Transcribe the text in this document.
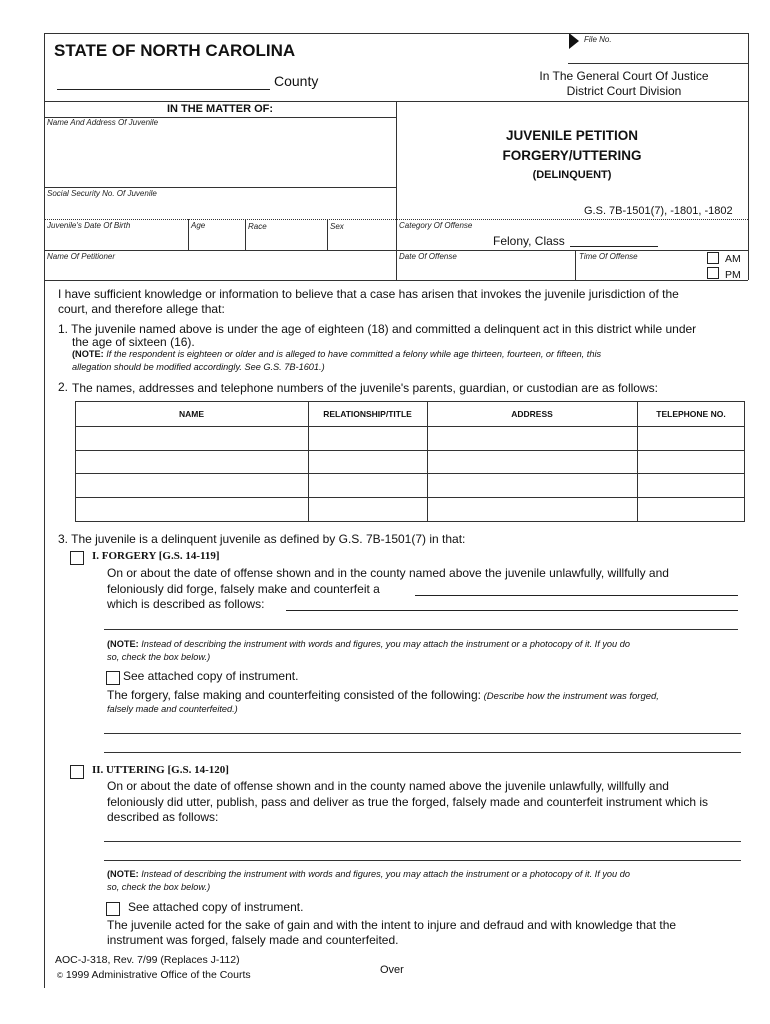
STATE OF NORTH CAROLINA
County
File No.
In The General Court Of Justice
District Court Division
IN THE MATTER OF:
Name And Address Of Juvenile
Social Security No. Of Juvenile
Juvenile's Date Of Birth	Age	Race	Sex
Name Of Petitioner
JUVENILE PETITION
FORGERY/UTTERING
(DELINQUENT)
G.S. 7B-1501(7), -1801, -1802
Category Of Offense
Felony, Class
Date Of Offense	Time Of Offense	AM
PM
I have sufficient knowledge or information to believe that a case has arisen that invokes the juvenile jurisdiction of the
court, and therefore allege that:
1. The juvenile named above is under the age of eighteen (18) and committed a delinquent act in this district while under
the age of sixteen (16).
(NOTE: If the respondent is eighteen or older and is alleged to have committed a felony while age thirteen, fourteen, or fifteen, this
allegation should be modified accordingly. See G.S. 7B-1601.)
2. The names, addresses and telephone numbers of the juvenile's parents, guardian, or custodian are as follows:
NAME	RELATIONSHIP/TITLE	ADDRESS	TELEPHONE NO.
3. The juvenile is a delinquent juvenile as defined by G.S. 7B-1501(7) in that:
I. FORGERY [G.S. 14-119]
On or about the date of offense shown and in the county named above the juvenile unlawfully, willfully and
feloniously did forge, falsely make and counterfeit a
which is described as follows:
(NOTE: Instead of describing the instrument with words and figures, you may attach the instrument or a photocopy of it. If you do
so, check the box below.)
See attached copy of instrument.
The forgery, false making and counterfeiting consisted of the following: (Describe how the instrument was forged,
falsely made and counterfeited.)
II. UTTERING [G.S. 14-120]
On or about the date of offense shown and in the county named above the juvenile unlawfully, willfully and
feloniously did utter, publish, pass and deliver as true the forged, falsely made and counterfeit instrument which is
described as follows:
(NOTE: Instead of describing the instrument with words and figures, you may attach the instrument or a photocopy of it. If you do
so, check the box below.)
See attached copy of instrument.
The juvenile acted for the sake of gain and with the intent to injure and defraud and with knowledge that the
instrument was forged, falsely made and counterfeited.
AOC-J-318, Rev. 7/99 (Replaces J-112)
© 1999 Administrative Office of the Courts	Over
